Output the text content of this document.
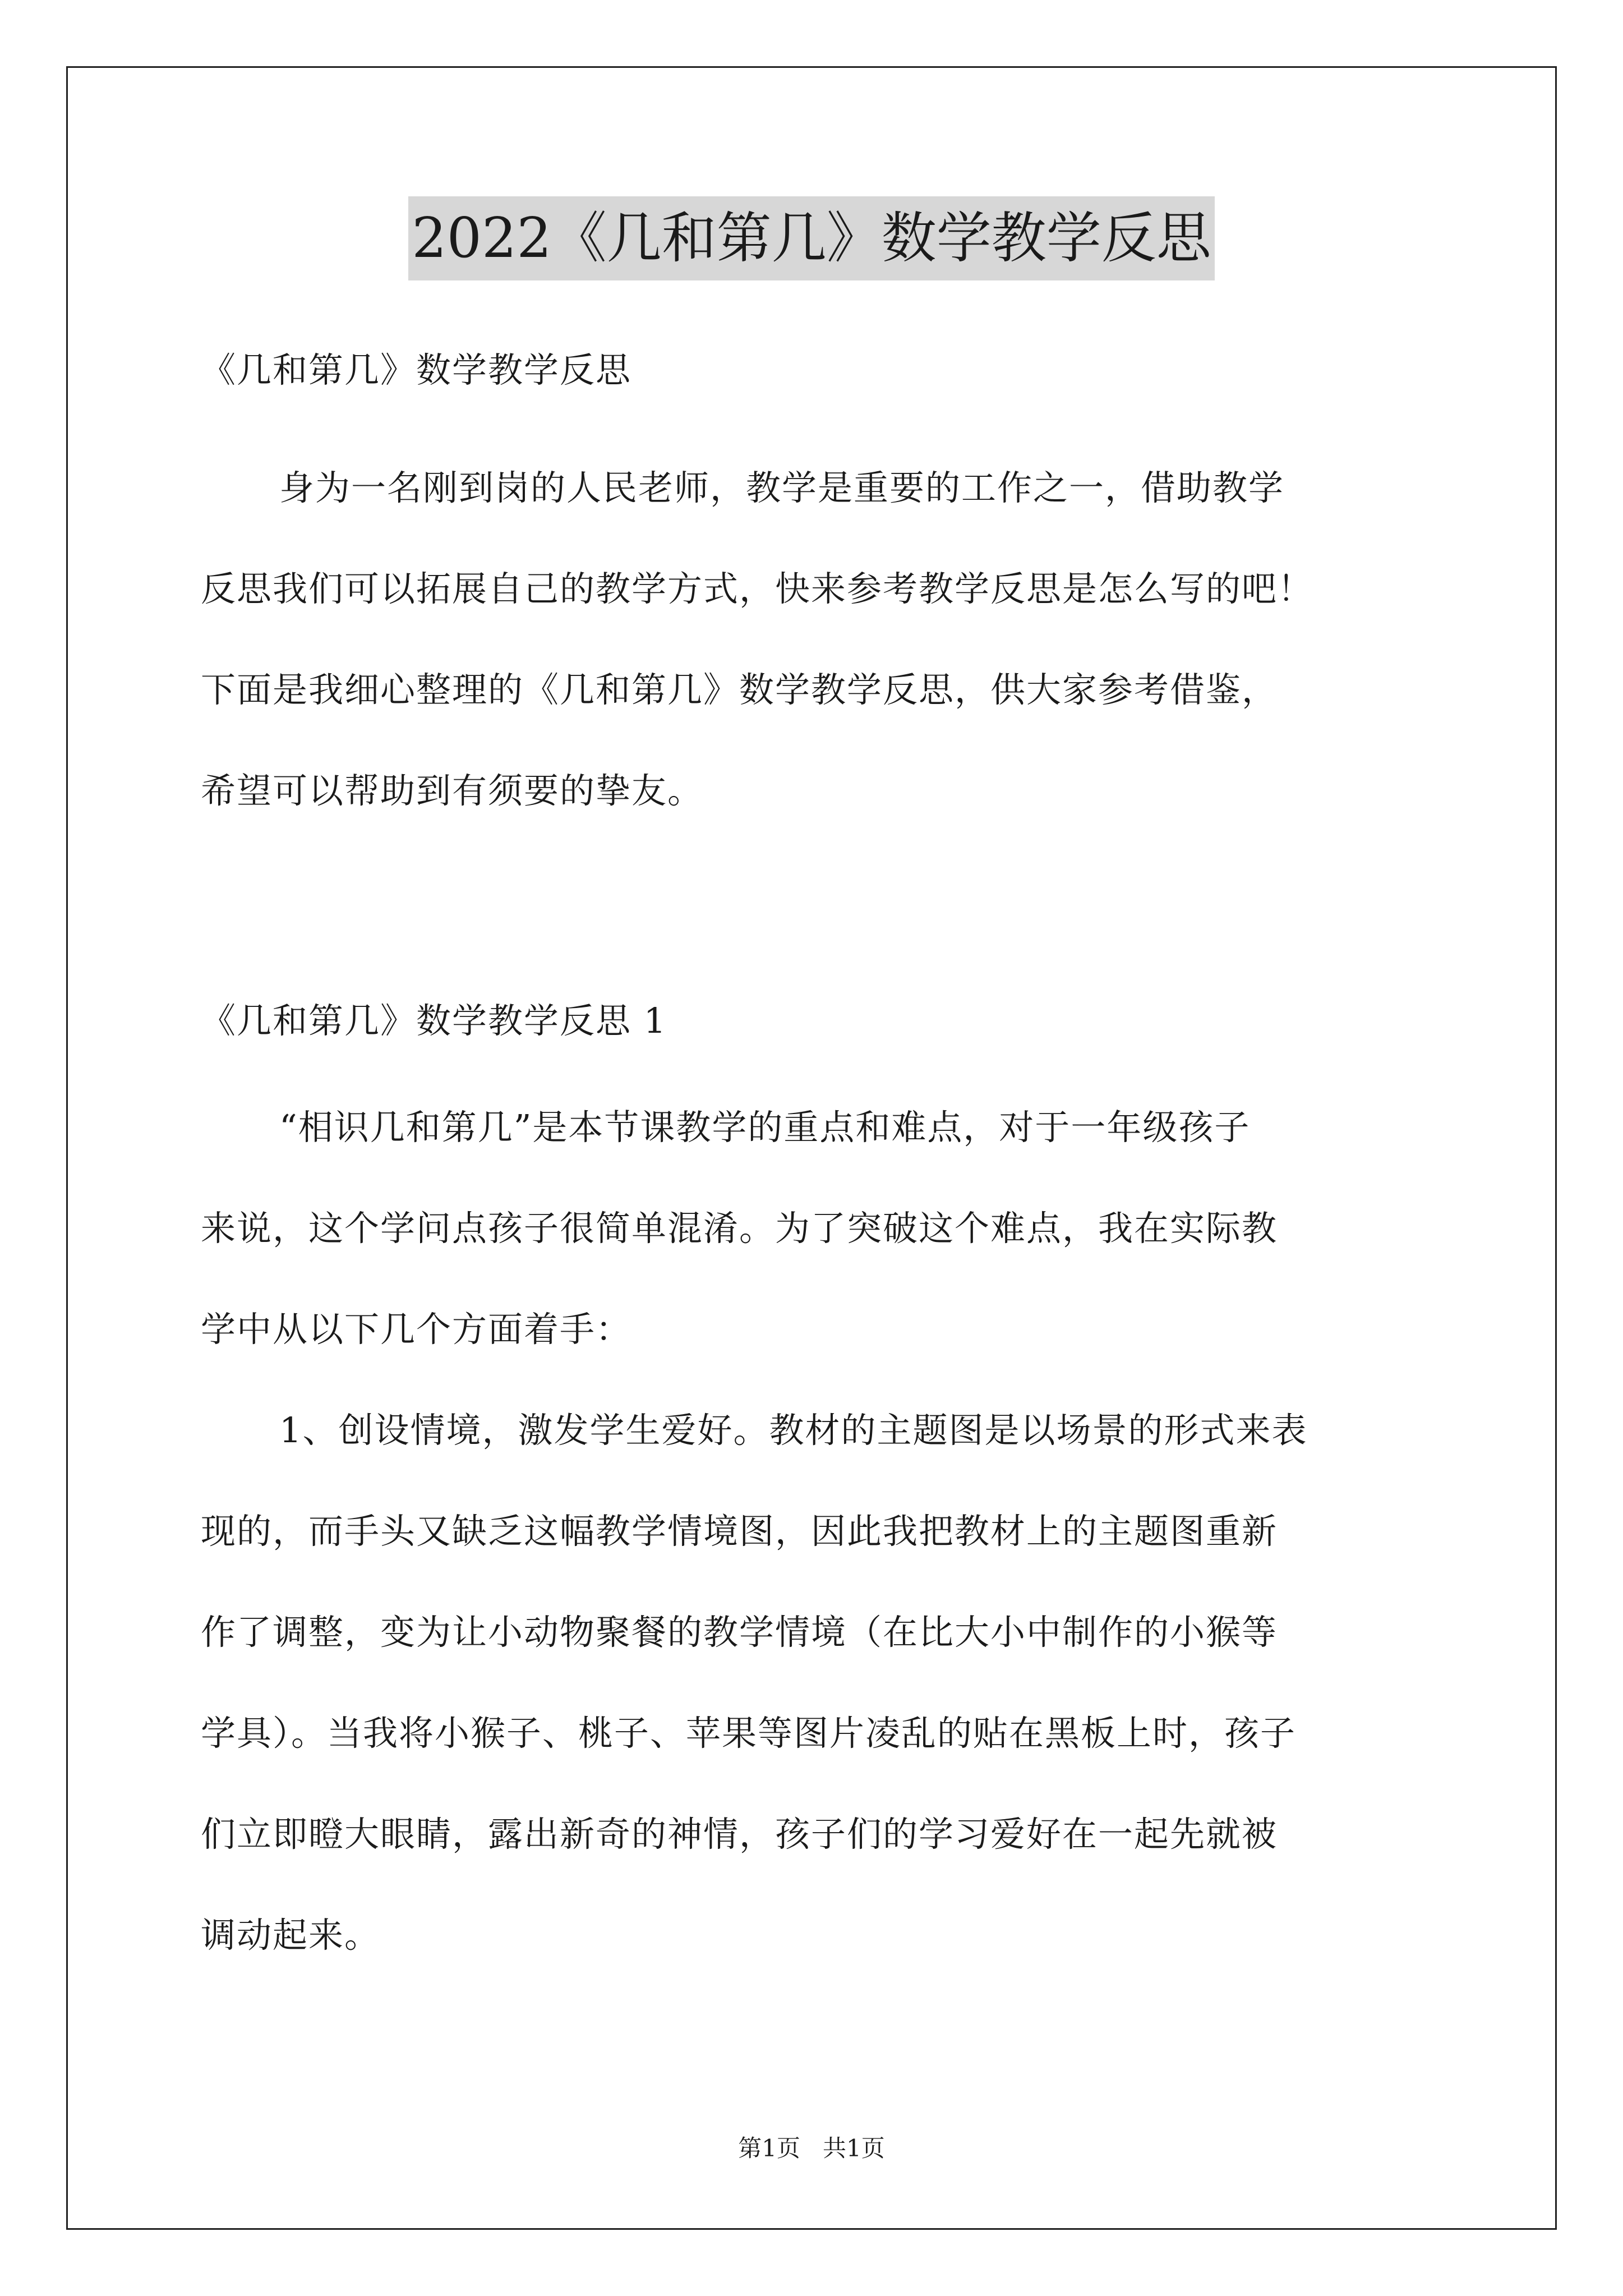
2022《几和第几》数学教学反思
《几和第几》数学教学反思
身为一名刚到岗的人民老师，教学是重要的工作之一，借助教学
反思我们可以拓展自己的教学方式，快来参考教学反思是怎么写的吧！
下面是我细心整理的《几和第几》数学教学反思，供大家参考借鉴，
希望可以帮助到有须要的挚友。
《几和第几》数学教学反思 1
“相识几和第几”是本节课教学的重点和难点，对于一年级孩子
来说，这个学问点孩子很简单混淆。为了突破这个难点，我在实际教
学中从以下几个方面着手：
1、创设情境，激发学生爱好。教材的主题图是以场景的形式来表
现的，而手头又缺乏这幅教学情境图，因此我把教材上的主题图重新
作了调整，变为让小动物聚餐的教学情境（在比大小中制作的小猴等
学具）。当我将小猴子、桃子、苹果等图片凌乱的贴在黑板上时，孩子
们立即瞪大眼睛，露出新奇的神情，孩子们的学习爱好在一起先就被
调动起来。
第1页   共1页
